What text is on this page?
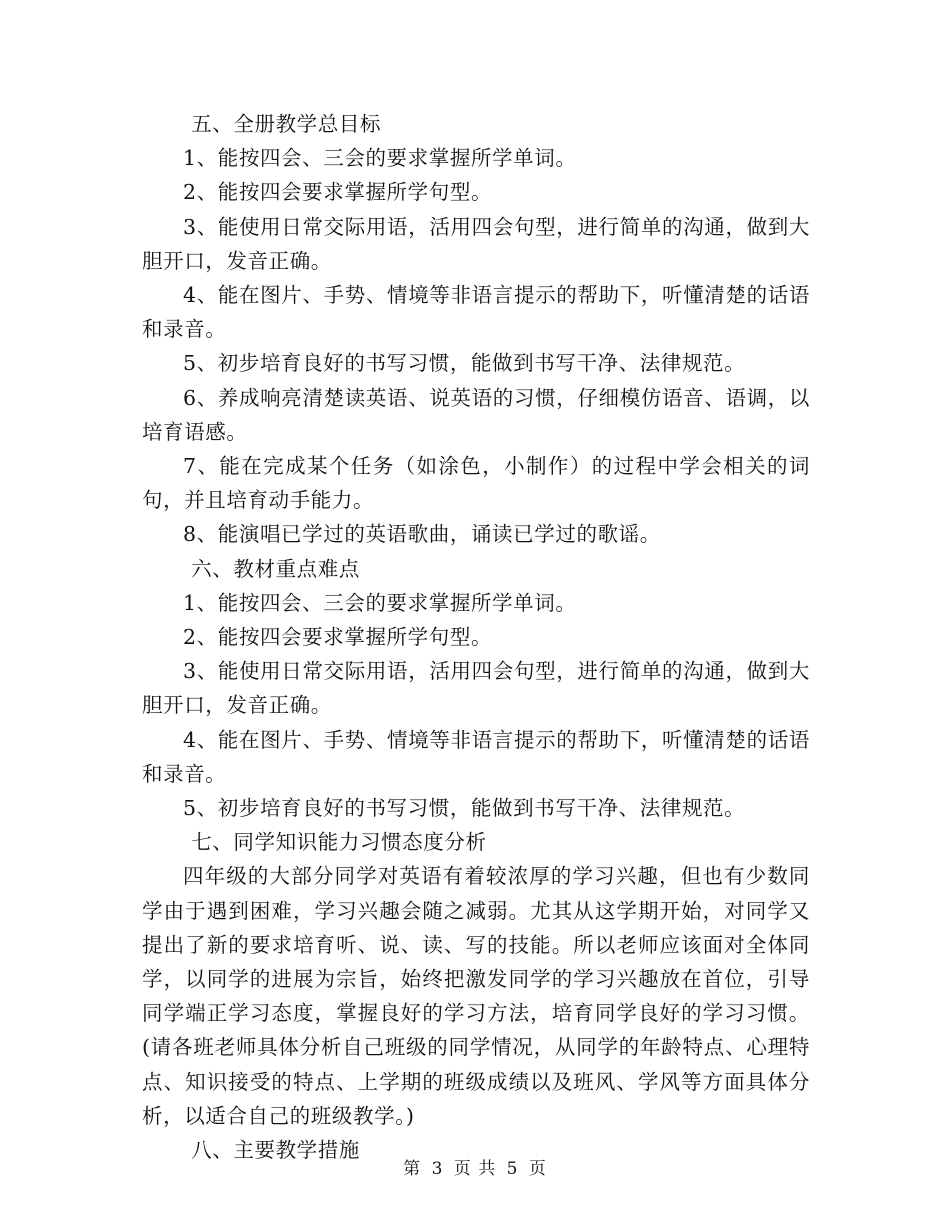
五、全册教学总目标

1、能按四会、三会的要求掌握所学单词。

2、能按四会要求掌握所学句型。

3、能使用日常交际用语，活用四会句型，进行简单的沟通，做到大胆开口，发音正确。

4、能在图片、手势、情境等非语言提示的帮助下，听懂清楚的话语和录音。

5、初步培育良好的书写习惯，能做到书写干净、法律规范。

6、养成响亮清楚读英语、说英语的习惯，仔细模仿语音、语调，以培育语感。

7、能在完成某个任务（如涂色，小制作）的过程中学会相关的词句，并且培育动手能力。

8、能演唱已学过的英语歌曲，诵读已学过的歌谣。

六、教材重点难点

1、能按四会、三会的要求掌握所学单词。

2、能按四会要求掌握所学句型。

3、能使用日常交际用语，活用四会句型，进行简单的沟通，做到大胆开口，发音正确。

4、能在图片、手势、情境等非语言提示的帮助下，听懂清楚的话语和录音。

5、初步培育良好的书写习惯，能做到书写干净、法律规范。

七、同学知识能力习惯态度分析

四年级的大部分同学对英语有着较浓厚的学习兴趣，但也有少数同学由于遇到困难，学习兴趣会随之减弱。尤其从这学期开始，对同学又提出了新的要求培育听、说、读、写的技能。所以老师应该面对全体同学，以同学的进展为宗旨，始终把激发同学的学习兴趣放在首位，引导同学端正学习态度，掌握良好的学习方法，培育同学良好的学习习惯。(请各班老师具体分析自己班级的同学情况，从同学的年龄特点、心理特点、知识接受的特点、上学期的班级成绩以及班风、学风等方面具体分析，以适合自己的班级教学。)

八、主要教学措施

第 3 页 共 5 页
